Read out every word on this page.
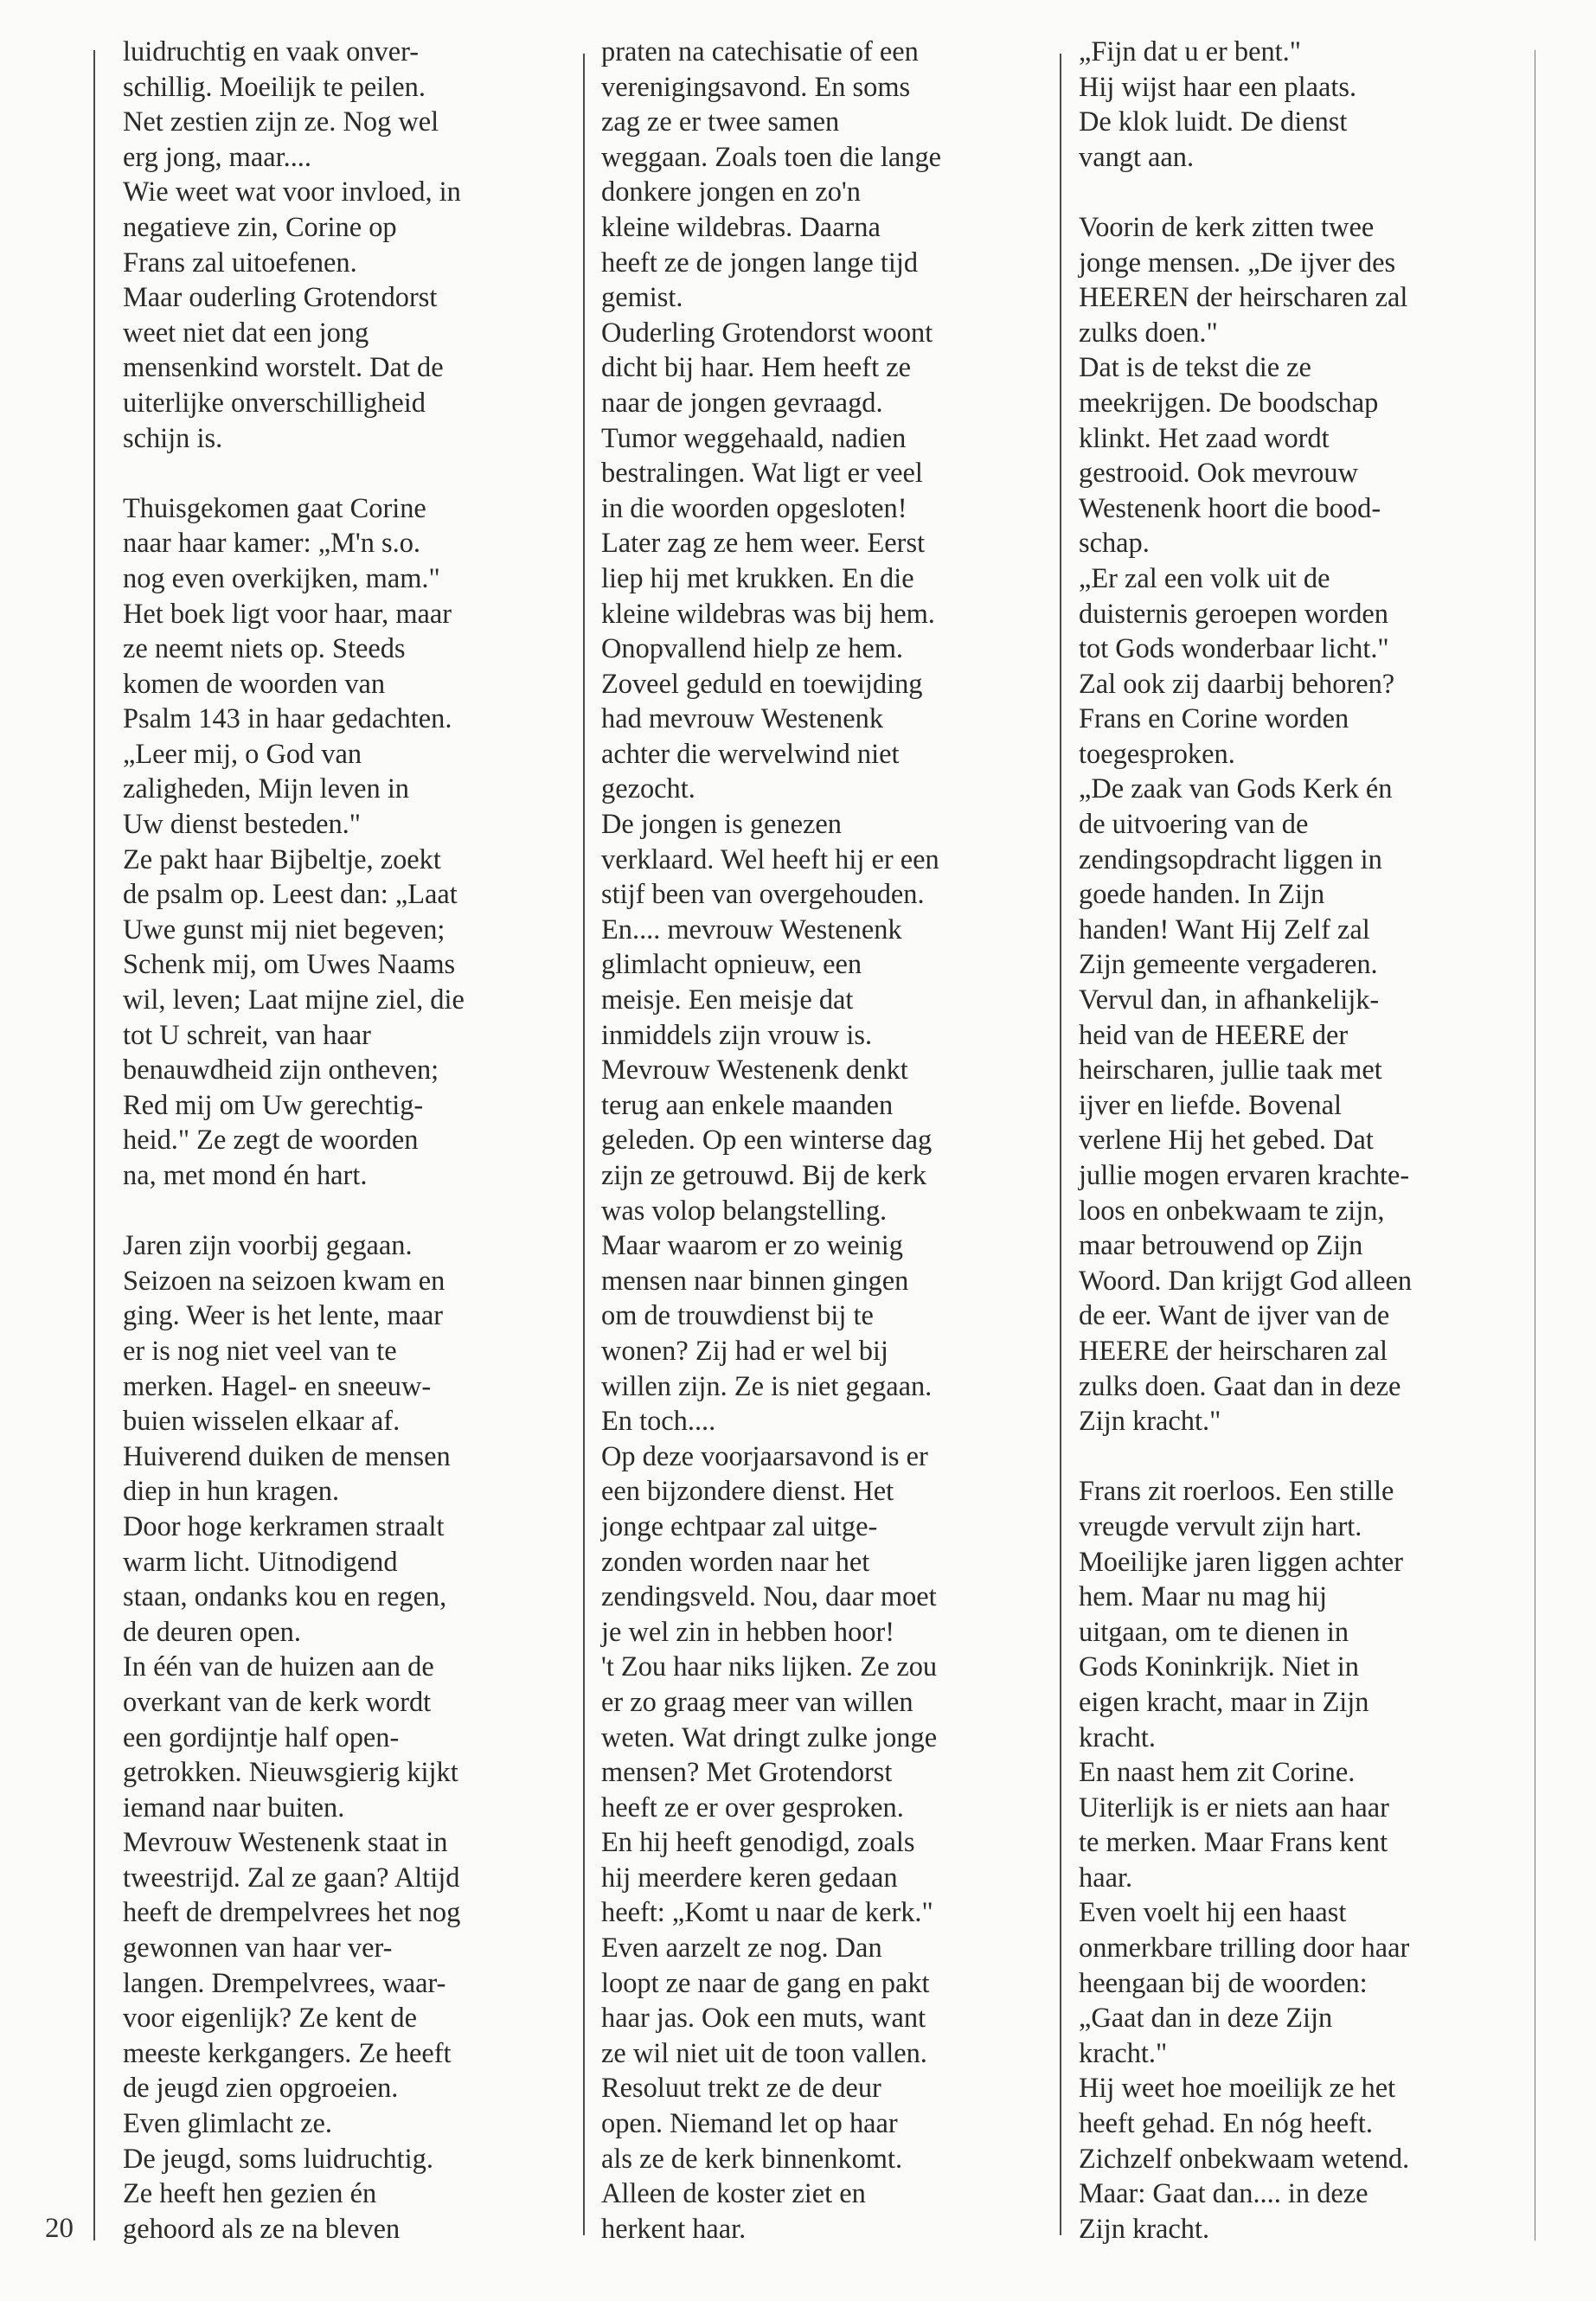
luidruchtig en vaak onver-
schillig. Moeilijk te peilen.
Net zestien zijn ze. Nog wel
erg jong, maar....
Wie weet wat voor invloed, in
negatieve zin, Corine op
Frans zal uitoefenen.
Maar ouderling Grotendorst
weet niet dat een jong
mensenkind worstelt. Dat de
uiterlijke onverschilligheid
schijn is.
Thuisgekomen gaat Corine
naar haar kamer: „M'n s.o.
nog even overkijken, mam."
Het boek ligt voor haar, maar
ze neemt niets op. Steeds
komen de woorden van
Psalm 143 in haar gedachten.
„Leer mij, o God van
zaligheden, Mijn leven in
Uw dienst besteden."
Ze pakt haar Bijbeltje, zoekt
de psalm op. Leest dan: „Laat
Uwe gunst mij niet begeven;
Schenk mij, om Uwes Naams
wil, leven; Laat mijne ziel, die
tot U schreit, van haar
benauwdheid zijn ontheven;
Red mij om Uw gerechtig-
heid." Ze zegt de woorden
na, met mond én hart.
Jaren zijn voorbij gegaan.
Seizoen na seizoen kwam en
ging. Weer is het lente, maar
er is nog niet veel van te
merken. Hagel- en sneeuw-
buien wisselen elkaar af.
Huiverend duiken de mensen
diep in hun kragen.
Door hoge kerkramen straalt
warm licht. Uitnodigend
staan, ondanks kou en regen,
de deuren open.
In één van de huizen aan de
overkant van de kerk wordt
een gordijntje half open-
getrokken. Nieuwsgierig kijkt
iemand naar buiten.
Mevrouw Westenenk staat in
tweestrijd. Zal ze gaan? Altijd
heeft de drempelvrees het nog
gewonnen van haar ver-
langen. Drempelvrees, waar-
voor eigenlijk? Ze kent de
meeste kerkgangers. Ze heeft
de jeugd zien opgroeien.
Even glimlacht ze.
De jeugd, soms luidruchtig.
Ze heeft hen gezien én
gehoord als ze na bleven
praten na catechisatie of een
verenigingsavond. En soms
zag ze er twee samen
weggaan. Zoals toen die lange
donkere jongen en zo'n
kleine wildebras. Daarna
heeft ze de jongen lange tijd
gemist.
Ouderling Grotendorst woont
dicht bij haar. Hem heeft ze
naar de jongen gevraagd.
Tumor weggehaald, nadien
bestralingen. Wat ligt er veel
in die woorden opgesloten!
Later zag ze hem weer. Eerst
liep hij met krukken. En die
kleine wildebras was bij hem.
Onopvallend hielp ze hem.
Zoveel geduld en toewijding
had mevrouw Westenenk
achter die wervelwind niet
gezocht.
De jongen is genezen
verklaard. Wel heeft hij er een
stijf been van overgehouden.
En.... mevrouw Westenenk
glimlacht opnieuw, een
meisje. Een meisje dat
inmiddels zijn vrouw is.
Mevrouw Westenenk denkt
terug aan enkele maanden
geleden. Op een winterse dag
zijn ze getrouwd. Bij de kerk
was volop belangstelling.
Maar waarom er zo weinig
mensen naar binnen gingen
om de trouwdienst bij te
wonen? Zij had er wel bij
willen zijn. Ze is niet gegaan.
En toch....
Op deze voorjaarsavond is er
een bijzondere dienst. Het
jonge echtpaar zal uitge-
zonden worden naar het
zendingsveld. Nou, daar moet
je wel zin in hebben hoor!
't Zou haar niks lijken. Ze zou
er zo graag meer van willen
weten. Wat dringt zulke jonge
mensen? Met Grotendorst
heeft ze er over gesproken.
En hij heeft genodigd, zoals
hij meerdere keren gedaan
heeft: „Komt u naar de kerk."
Even aarzelt ze nog. Dan
loopt ze naar de gang en pakt
haar jas. Ook een muts, want
ze wil niet uit de toon vallen.
Resoluut trekt ze de deur
open. Niemand let op haar
als ze de kerk binnenkomt.
Alleen de koster ziet en
herkent haar.
„Fijn dat u er bent."
Hij wijst haar een plaats.
De klok luidt. De dienst
vangt aan.
Voorin de kerk zitten twee
jonge mensen. „De ijver des
HEEREN der heirscharen zal
zulks doen."
Dat is de tekst die ze
meekrijgen. De boodschap
klinkt. Het zaad wordt
gestrooid. Ook mevrouw
Westenenk hoort die bood-
schap.
„Er zal een volk uit de
duisternis geroepen worden
tot Gods wonderbaar licht."
Zal ook zij daarbij behoren?
Frans en Corine worden
toegesproken.
„De zaak van Gods Kerk én
de uitvoering van de
zendingsopdracht liggen in
goede handen. In Zijn
handen! Want Hij Zelf zal
Zijn gemeente vergaderen.
Vervul dan, in afhankelijk-
heid van de HEERE der
heirscharen, jullie taak met
ijver en liefde. Bovenal
verlene Hij het gebed. Dat
jullie mogen ervaren krachte-
loos en onbekwaam te zijn,
maar betrouwend op Zijn
Woord. Dan krijgt God alleen
de eer. Want de ijver van de
HEERE der heirscharen zal
zulks doen. Gaat dan in deze
Zijn kracht."
Frans zit roerloos. Een stille
vreugde vervult zijn hart.
Moeilijke jaren liggen achter
hem. Maar nu mag hij
uitgaan, om te dienen in
Gods Koninkrijk. Niet in
eigen kracht, maar in Zijn
kracht.
En naast hem zit Corine.
Uiterlijk is er niets aan haar
te merken. Maar Frans kent
haar.
Even voelt hij een haast
onmerkbare trilling door haar
heengaan bij de woorden:
„Gaat dan in deze Zijn
kracht."
Hij weet hoe moeilijk ze het
heeft gehad. En nóg heeft.
Zichzelf onbekwaam wetend.
Maar: Gaat dan.... in deze
Zijn kracht.
20
